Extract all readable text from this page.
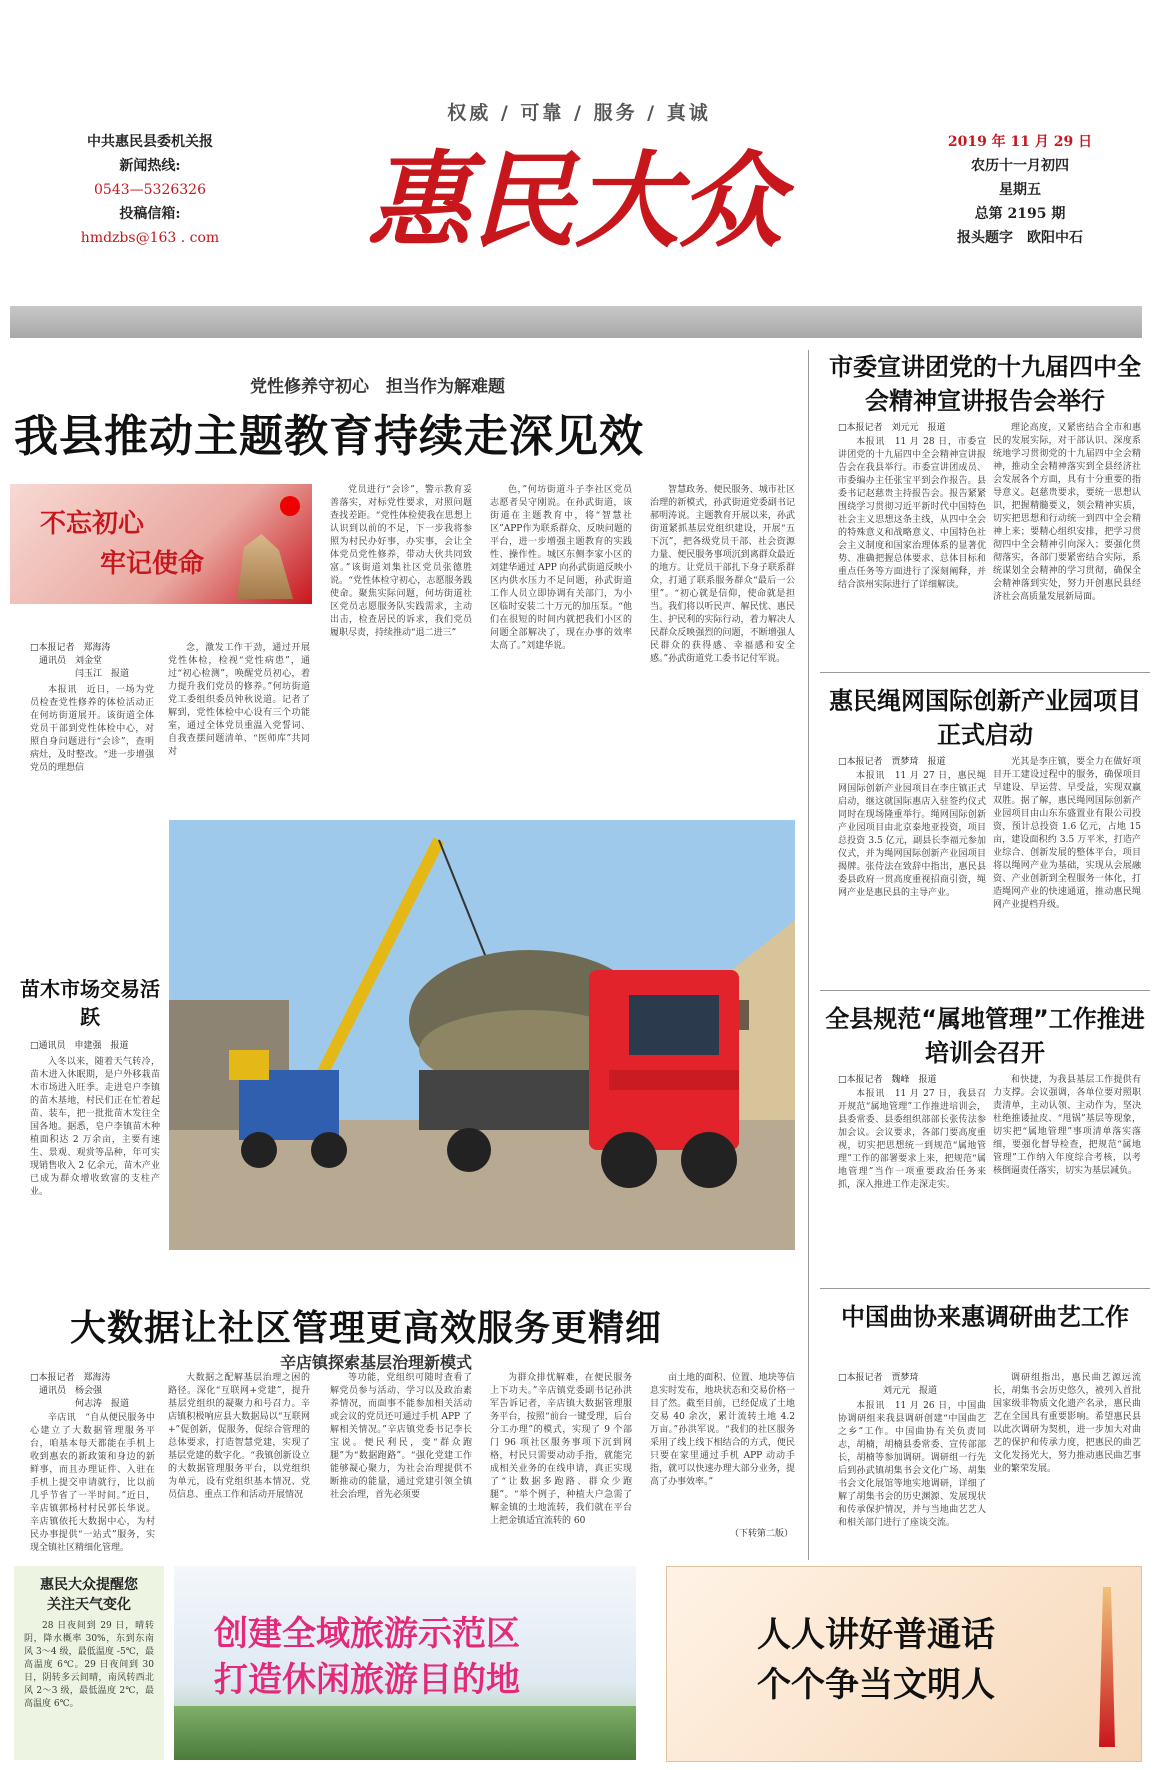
权威 / 可靠 / 服务 / 真诚
中共惠民县委机关报
新闻热线:
0543—5326326
投稿信箱:
hmdzbs@163 . com 惠民大众	2019 年 11 月 29 日
农历十一月初四
星期五
总第 2195 期
报头题字　欧阳中石
党性修养守初心　担当作为解难题
我县推动主题教育持续走深见效
不忘初心
牢记使命
□本报记者　郑海涛
　通讯员　刘金堂
　　　　　闫玉江　报道

本报讯　近日，一场为党员检查党性修养的体检活动正在何坊街道展开。该街道全体党员干部到党性体检中心，对照自身问题进行“会诊”，查明病灶，及时整改。“进一步增强党员的理想信

念，激发工作干劲，通过开展党性体检，检视“党性病患”，通过“初心检测”，唤醒党员初心，着力提升我们党员的修养。”何坊街道党工委组织委员钟秋说道。记者了解到，党性体检中心设有三个功能室，通过全体党员重温入党誓词、自我查摆问题清单、“医师库”共同对

党员进行“会诊”，警示教育妥善落实，对标党性要求，对照问题查找差距。“党性体检使我在思想上认识到以前的不足，下一步我将参照为村民办好事，办实事，会让全体党员党性修养，带动大伙共同致富。”该街道刘集社区党员张德胜说。“党性体检守初心，志愿服务践使命。聚焦实际问题，何坊街道社区党员志愿服务队实践需求，主动出击，检查居民的诉求，我们党员履职尽责，持续推动“退二进三”

色，”何坊街道斗子李社区党员志愿者吴守刚说。在孙武街道，该街道在主题教育中，将“智慧社区”APP作为联系群众、反映问题的平台，进一步增强主题教育的实践性、操作性。城区东侧李家小区的刘建华通过 APP 向孙武街道反映小区内供水压力不足问题，孙武街道工作人员立即协调有关部门，为小区临时安装二十万元的加压泵。“他们在很短的时间内就把我们小区的问题全部解决了，现在办事的效率太高了。”刘建华说。

智慧政务、便民服务、城市社区治理的新模式，孙武街道党委副书记郝明涛说。主题教育开展以来，孙武街道紧抓基层党组织建设，开展“五下沉”，把各级党员干部、社会资源力量、便民服务事项沉到离群众最近的地方。让党员干部扎下身子联系群众，打通了联系服务群众“最后一公里”。“初心就是信仰，使命就是担当。我们将以听民声、解民忧、惠民生、护民利的实际行动，着力解决人民群众反映强烈的问题，不断增强人民群众的获得感、幸福感和安全感。”孙武街道党工委书记付军说。

市委宣讲团党的十九届四中全会精神宣讲报告会举行
□本报记者　刘元元　报道

本报讯　11 月 28 日，市委宣讲团党的十九届四中全会精神宣讲报告会在我县举行。市委宣讲团成员、市委编办主任张宝平到会作报告。县委书记赵慈贵主持报告会。报告紧紧围绕学习贯彻习近平新时代中国特色社会主义思想这条主线，从四中全会的特殊意义和战略意义、中国特色社会主义制度和国家治理体系的显著优势、准确把握总体要求、总体目标和重点任务等方面进行了深刻阐释，并结合滨州实际进行了详细解读。

理论高度，又紧密结合全市和惠民的发展实际，对干部认识、深度系统地学习贯彻党的十九届四中全会精神，推动全会精神落实到全县经济社会发展各个方面，具有十分重要的指导意义。赵慈贵要求，要统一思想认识，把握精髓要义，领会精神实质，切实把思想和行动统一到四中全会精神上来；要精心组织安排，把学习贯彻四中全会精神引向深入；要强化贯彻落实，各部门要紧密结合实际，系统谋划全会精神的学习贯彻，确保全会精神落到实处，努力开创惠民县经济社会高质量发展新局面。

惠民绳网国际创新产业园项目正式启动
□本报记者　贾梦琦　报道

本报讯　11 月 27 日，惠民绳网国际创新产业园项目在李庄镇正式启动，继这就国际惠店入驻签约仪式同时在现场隆重举行。绳网国际创新产业园项目由北京泰地亚投资，项目总投资 3.5 亿元，副县长李福元参加仪式，并为绳网国际创新产业园项目揭牌。张侍法在致辞中指出，惠民县委县政府一贯高度重视招商引资，绳网产业是惠民县的主导产业。

光其是李庄镇，要全力在做好项目开工建设过程中的服务，确保项目早建设、早运营、早受益，实现双赢双胜。据了解，惠民绳网国际创新产业园项目由山东东盛置业有限公司投资，预计总投资 1.6 亿元，占地 15 亩，建设面积约 3.5 万平米，打造产业综合、创新发展的整体平台，项目将以绳网产业为基础，实现从会展融资、产业创新到全程服务一体化，打造绳网产业的快速通道，推动惠民绳网产业提档升级。

全县规范“属地管理”工作推进培训会召开
□本报记者　魏峰　报道

本报讯　11 月 27 日，我县召开规范“属地管理”工作推进培训会，县委常委、县委组织部部长张传法参加会议。会议要求，各部门要高度重视，切实把思想统一到规范“属地管理”工作的部署要求上来，把规范“属地管理”当作一项重要政治任务来抓，深入推进工作走深走实。

和快捷，为我县基层工作提供有力支撑。会议强调，各单位要对照职责清单，主动认领、主动作为，坚决杜绝推诿扯皮、“甩锅”基层等现象，切实把“属地管理”事项清单落实落细，要强化督导检查，把规范“属地管理”工作纳入年度综合考核，以考核倒逼责任落实，切实为基层减负。

中国曲协来惠调研曲艺工作
□本报记者　贾梦琦
　　　　　刘元元　报道

本报讯　11 月 26 日，中国曲协调研组来我县调研创建“中国曲艺之乡”工作。中国曲协有关负责同志，胡楠，胡楠县委常委、宣传部部长，胡楠等参加调研。调研组一行先后到孙武镇胡集书会文化广场、胡集书会文化展馆等地实地调研，详细了解了胡集书会的历史渊源、发展现状和传承保护情况，并与当地曲艺艺人和相关部门进行了座谈交流。

调研组指出，惠民曲艺源远流长，胡集书会历史悠久，被列入首批国家级非物质文化遗产名录，惠民曲艺在全国具有重要影响。希望惠民县以此次调研为契机，进一步加大对曲艺的保护和传承力度，把惠民的曲艺文化发扬光大，努力推动惠民曲艺事业的繁荣发展。

苗木市场交易活跃
□通讯员　申建强　报道

入冬以来，随着天气转冷，苗木进入休眠期，是户外移栽苗木市场进入旺季。走进皂户李镇的苗木基地，村民们正在忙着起苗、装车，把一批批苗木发往全国各地。据悉，皂户李镇苗木种植面积达 2 万余亩，主要有速生、景观、观赏等品种，年可实现销售收入 2 亿余元，苗木产业已成为群众增收致富的支柱产业。

大数据让社区管理更高效服务更精细
辛店镇探索基层治理新模式
□本报记者　郑海涛
　通讯员　杨会强
　　　　　何志涛　报道

辛店讯　“自从便民服务中心建立了大数据管理服务平台，咱基本每天都能在手机上收到惠农的新政策和身边的新鲜事，而且办理证件、入驻在手机上提交申请就行，比以前几乎节省了一半时间。”近日，辛店镇郭杨村村民郭长华说。辛店镇依托大数据中心，为村民办事提供“一站式”服务，实现全镇社区精细化管理。

大数据之配解基层治理之困的路径。深化“互联网+党建”，提升基层党组织的凝聚力和号召力。辛店镇积极响应县大数据局以“互联网+”促创新，促服务，促综合管理的总体要求，打造智慧党建，实现了基层党建的数字化。“我镇创新设立的大数据管理服务平台，以党组织为单元，设有党组织基本情况、党员信息、重点工作和活动开展情况

等功能，党组织可随时查看了解党员参与活动、学习以及政治素养情况，而面事不能参加相关活动或会议的党员还可通过手机 APP 了解相关情况。”辛店镇党委书记李长宝说。便民利民，变“群众跑腿”为“数据跑路”。“强化党建工作能够凝心聚力，为社会治理提供不断推动的能量，通过党建引领全镇社会治理，首先必须要

为群众排忧解难，在便民服务上下功夫。”辛店镇党委副书记孙洪军告诉记者，辛店镇大数据管理服务平台，按照“前台一键受理，后台分工办理”的模式，实现了 9 个部门 96 项社区服务事项下沉到网格，村民只需要动动手指，就能完成相关业务的在线申请，真正实现了“让数据多跑路、群众少跑腿”。“举个例子，种植大户急需了解金镇的土地流转，我们就在平台上把金镇适宜流转的 60

亩土地的面积、位置、地块等信息实时发布，地块状态和交易价格一目了然。截至目前，已经促成了土地交易 40 余次，累计流转土地 4.2 万亩。”孙洪军说。“我们的社区服务采用了线上线下相结合的方式，便民只要在家里通过手机 APP 动动手指，就可以快速办理大部分业务，提高了办事效率。”

（下转第二版）
惠民大众提醒您
关注天气变化

28 日夜间到 29 日，晴转阴，降水概率 30%，东到东南风 3～4 级，最低温度 -5℃，最高温度 6℃。29 日夜间到 30 日，阴转多云间晴，南风转西北风 2～3 级，最低温度 2℃，最高温度 6℃。

创建全域旅游示范区
打造休闲旅游目的地
人人讲好普通话
个个争当文明人
